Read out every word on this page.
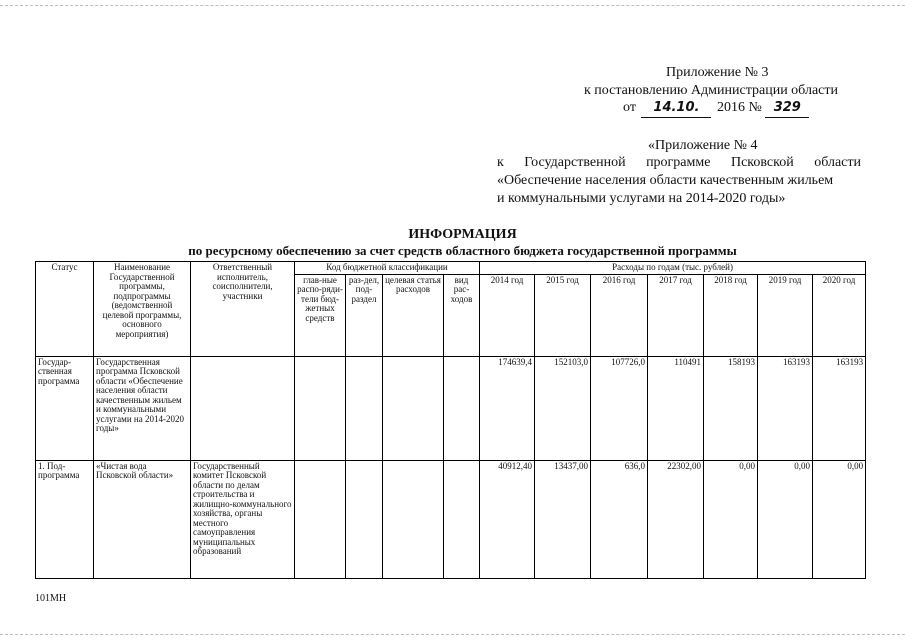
Приложение № 3
к постановлению Администрации области
от 14.10. 2016 № 329
«Приложение № 4
к Государственной программе Псковской области
«Обеспечение населения области качественным жильем
и коммунальными услугами на 2014-2020 годы»
ИНФОРМАЦИЯ
по ресурсному обеспечению за счет средств областного бюджета государственной программы
Статус	Наименование Государственной программы, подпрограммы (ведомственной целевой программы, основного мероприятия)	Ответственный исполнитель, соисполнители, участники	Код бюджетной классификации				Расходы по годам (тыс. рублей)						
			глав-ные распо-ряди-тели бюд-жетных средств	раз-дел, под-раздел	целевая статья расходов	вид рас-ходов	2014 год	2015 год	2016 год	2017 год	2018 год	2019 год	2020 год
Государ-ственная программа	Государственная программа Псковской области «Обеспечение населения области качественным жильем и коммунальными услугами на 2014-2020 годы»						174639,4	152103,0	107726,0	110491	158193	163193	163193
1. Под-программа	«Чистая вода Псковской области»	Государственный комитет Псковской области по делам строительства и жилищно-коммунального хозяйства, органы местного самоуправления муниципальных образований					40912,40	13437,00	636,0	22302,00	0,00	0,00	0,00
101МН
